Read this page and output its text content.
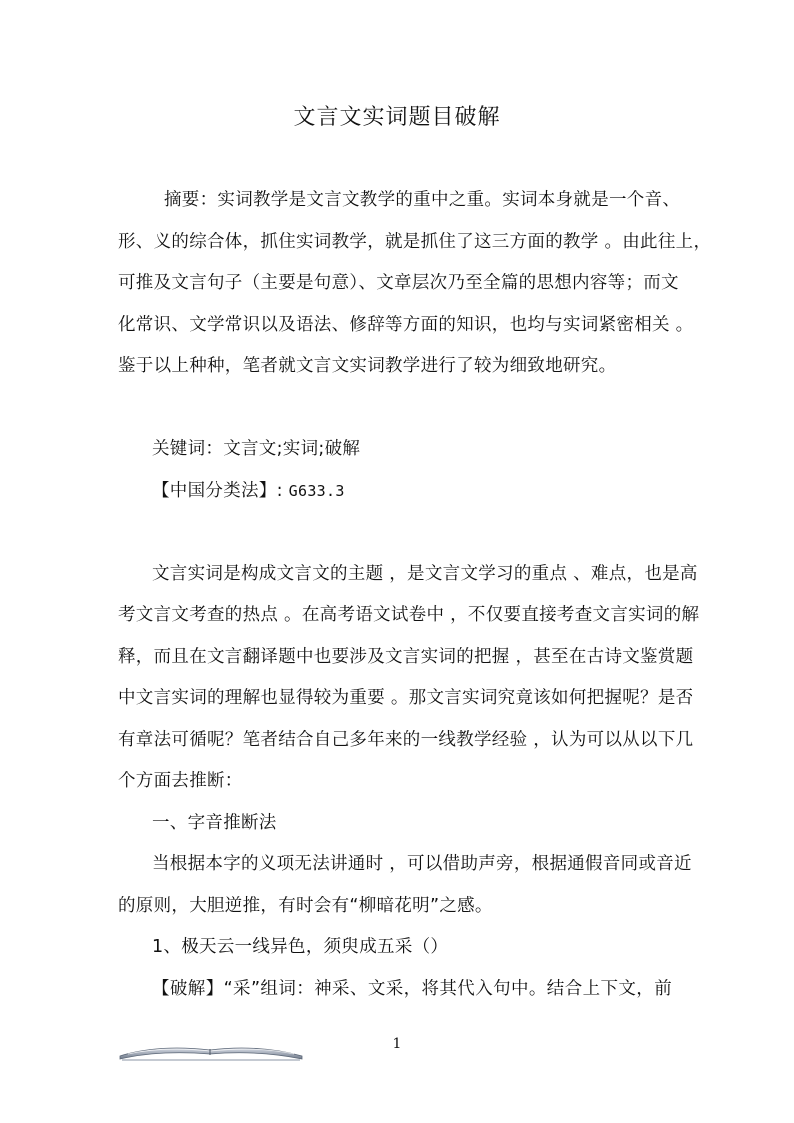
文言文实词题目破解
摘要：实词教学是文言文教学的重中之重。实词本身就是一个音、
形、义的综合体，抓住实词教学，就是抓住了这三方面的教学 。由此往上，
可推及文言句子（主要是句意）、文章层次乃至全篇的思想内容等；而文
化常识、文学常识以及语法、修辞等方面的知识，也均与实词紧密相关 。
鉴于以上种种，笔者就文言文实词教学进行了较为细致地研究。
关键词：文言文;实词;破解
【中国分类法】: G633.3
文言实词是构成文言文的主题 ，是文言文学习的重点 、难点，也是高
考文言文考查的热点 。在高考语文试卷中 ，不仅要直接考查文言实词的解
释，而且在文言翻译题中也要涉及文言实词的把握 ，甚至在古诗文鉴赏题
中文言实词的理解也显得较为重要 。那文言实词究竟该如何把握呢？是否
有章法可循呢？笔者结合自己多年来的一线教学经验 ，认为可以从以下几
个方面去推断：
一、字音推断法
当根据本字的义项无法讲通时 ，可以借助声旁，根据通假音同或音近
的原则，大胆逆推，有时会有“柳暗花明”之感。
1、极天云一线异色，须臾成五采（）
【破解】“采”组词：神采、文采，将其代入句中。结合上下文，前
1
